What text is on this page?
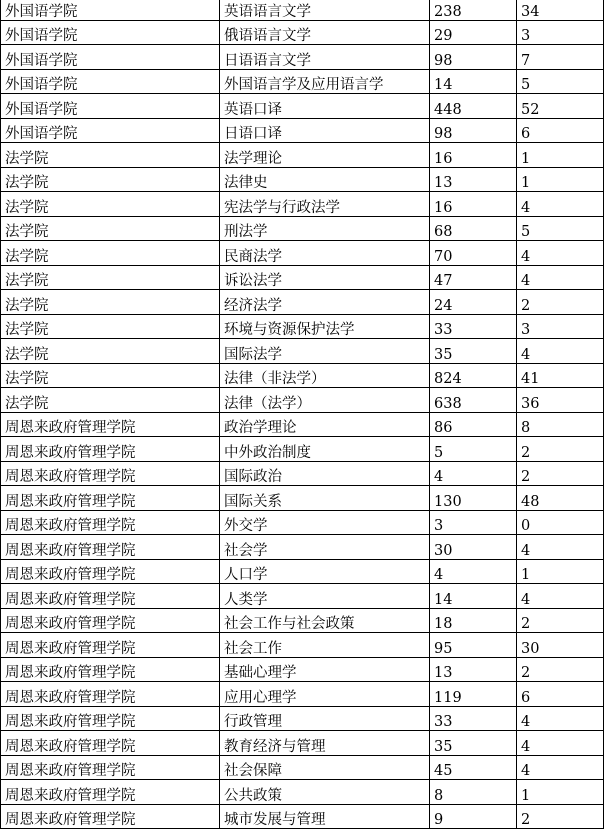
外国语学院	英语语言文学	238	34
外国语学院	俄语语言文学	29	3
外国语学院	日语语言文学	98	7
外国语学院	外国语言学及应用语言学	14	5
外国语学院	英语口译	448	52
外国语学院	日语口译	98	6
法学院	法学理论	16	1
法学院	法律史	13	1
法学院	宪法学与行政法学	16	4
法学院	刑法学	68	5
法学院	民商法学	70	4
法学院	诉讼法学	47	4
法学院	经济法学	24	2
法学院	环境与资源保护法学	33	3
法学院	国际法学	35	4
法学院	法律（非法学）	824	41
法学院	法律（法学）	638	36
周恩来政府管理学院	政治学理论	86	8
周恩来政府管理学院	中外政治制度	5	2
周恩来政府管理学院	国际政治	4	2
周恩来政府管理学院	国际关系	130	48
周恩来政府管理学院	外交学	3	0
周恩来政府管理学院	社会学	30	4
周恩来政府管理学院	人口学	4	1
周恩来政府管理学院	人类学	14	4
周恩来政府管理学院	社会工作与社会政策	18	2
周恩来政府管理学院	社会工作	95	30
周恩来政府管理学院	基础心理学	13	2
周恩来政府管理学院	应用心理学	119	6
周恩来政府管理学院	行政管理	33	4
周恩来政府管理学院	教育经济与管理	35	4
周恩来政府管理学院	社会保障	45	4
周恩来政府管理学院	公共政策	8	1
周恩来政府管理学院	城市发展与管理	9	2
